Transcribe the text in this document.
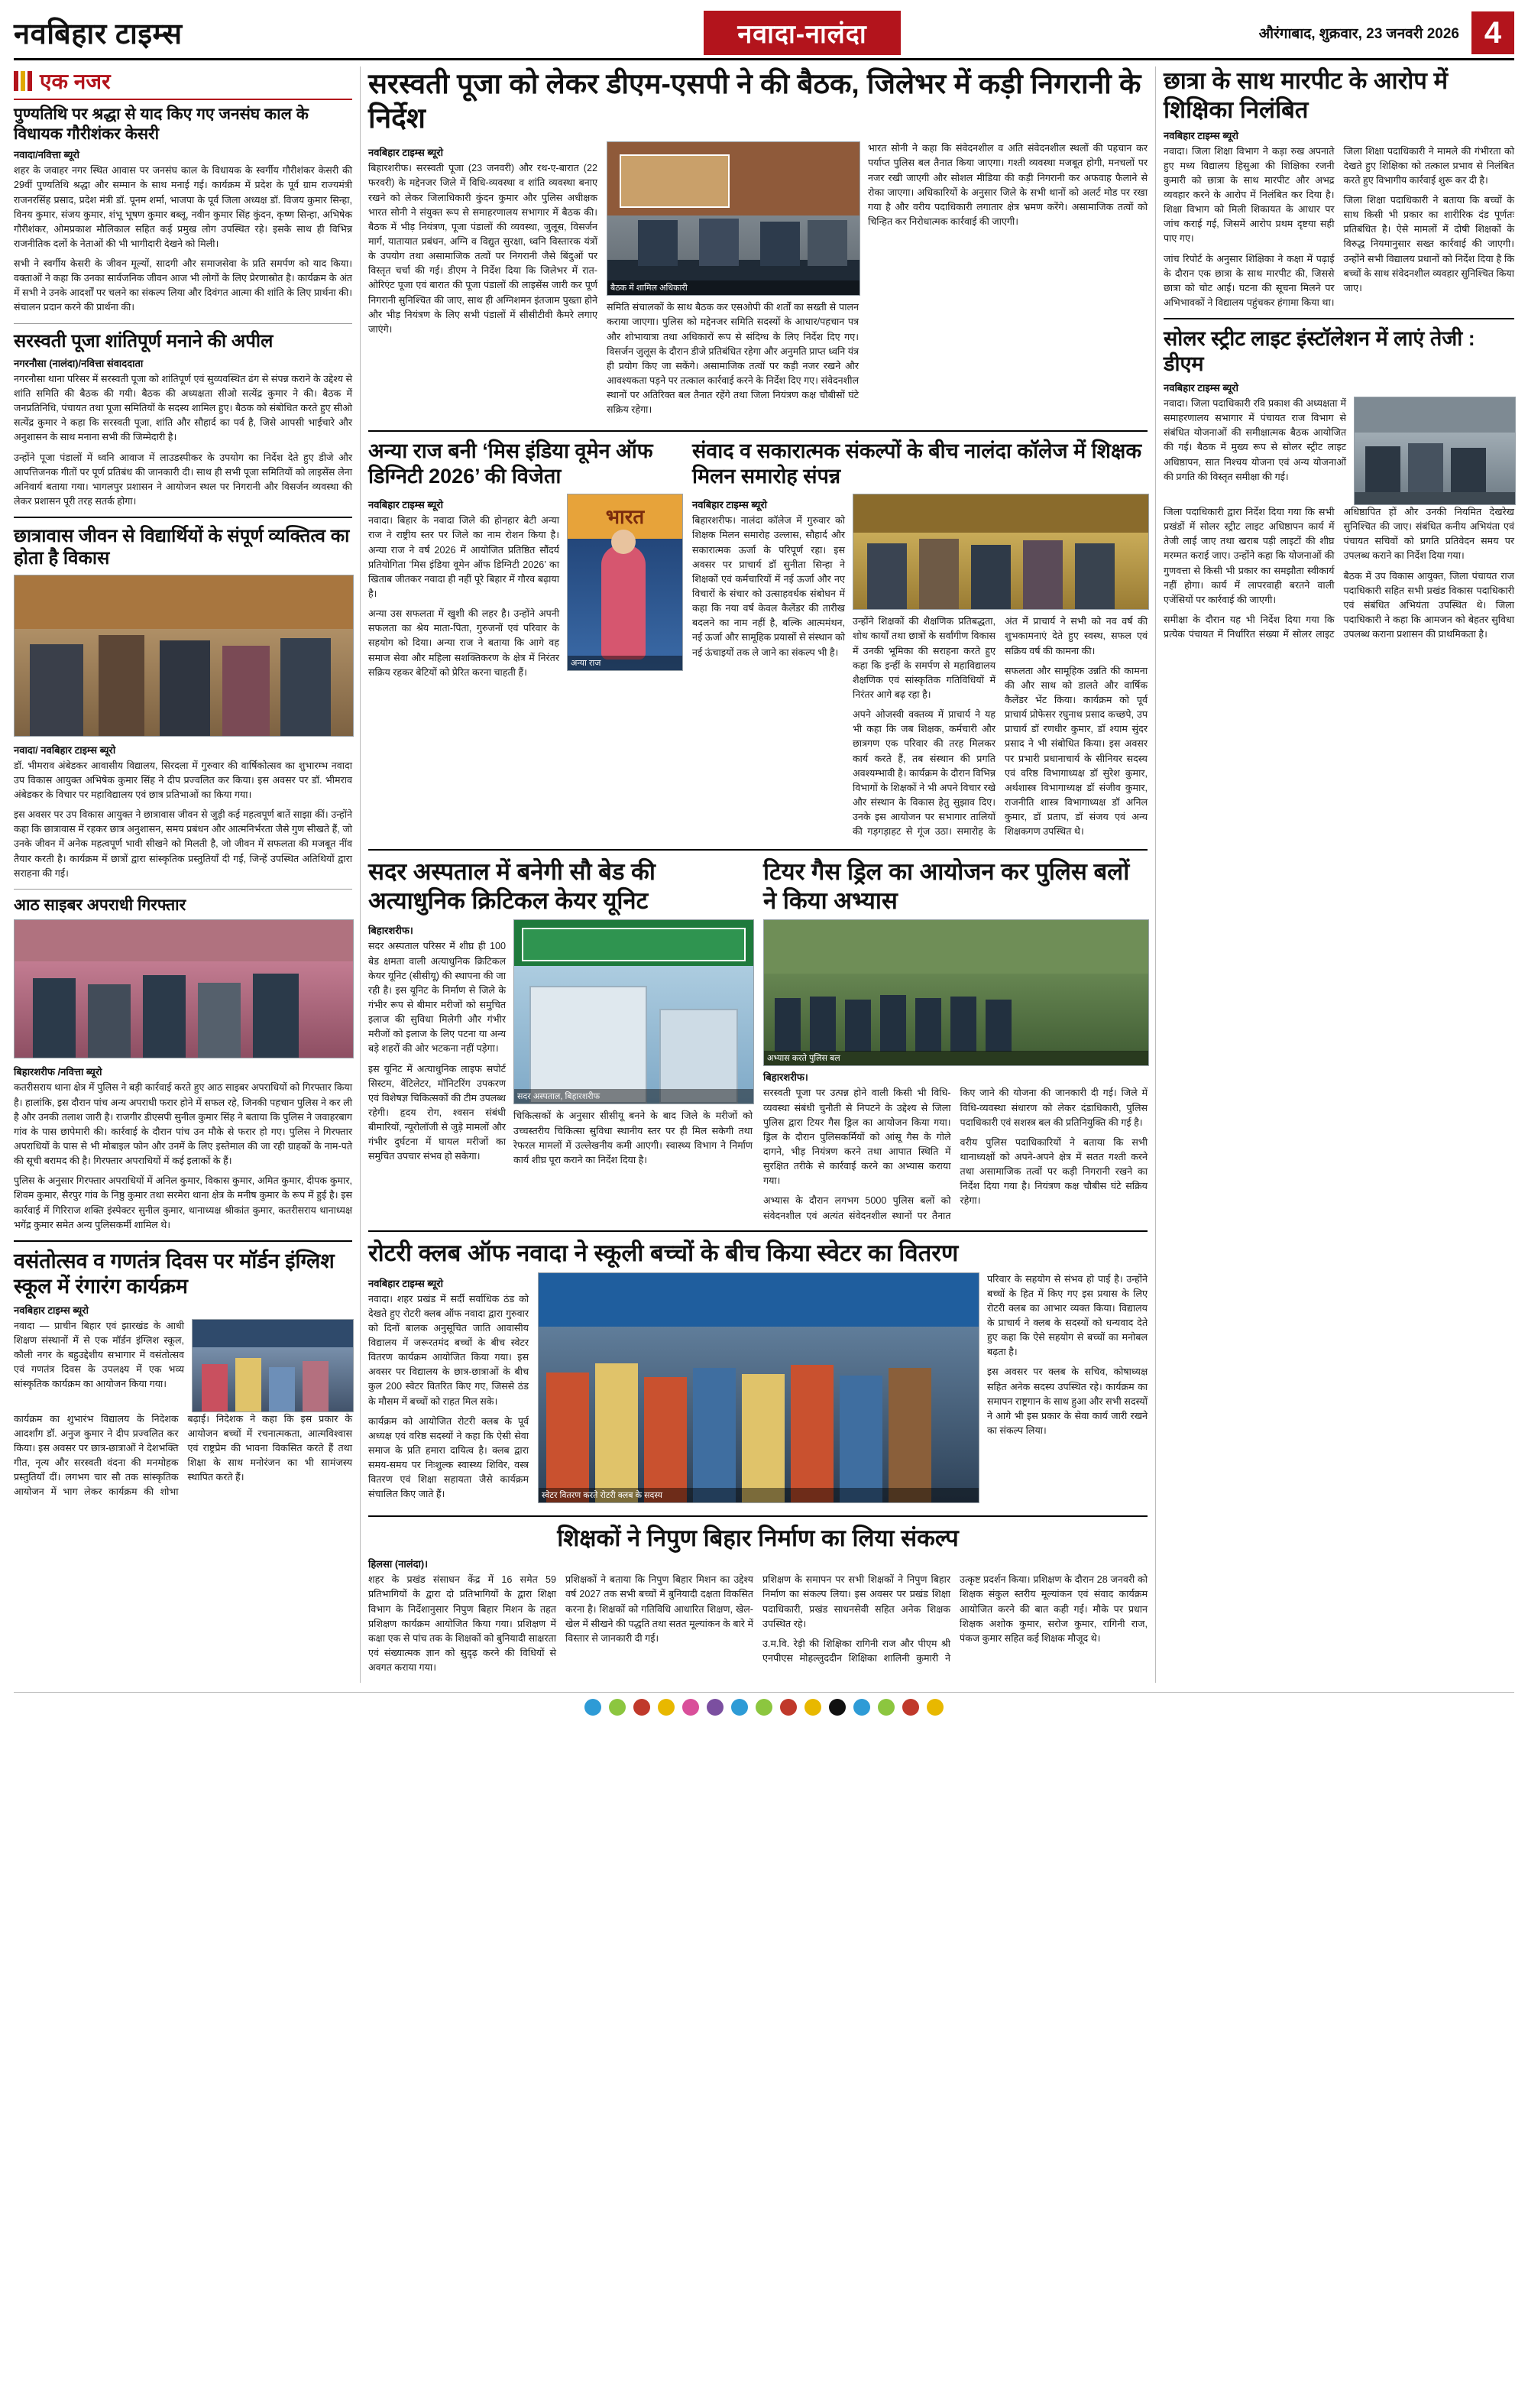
नवबिहार टाइम्स	नवादा-नालंदा	औरंगाबाद, शुक्रवार, 23 जनवरी 2026 4
एक नजर
पुण्यतिथि पर श्रद्धा से याद किए गए जनसंघ काल के विधायक गौरीशंकर केसरी
नवादा/नवित्ता ब्यूरो

शहर के जवाहर नगर स्थित आवास पर जनसंघ काल के विधायक के स्वर्गीय गौरीशंकर केसरी की 29वीं पुण्यतिथि श्रद्धा और सम्मान के साथ मनाई गई। कार्यक्रम में प्रदेश के पूर्व ग्राम राज्यमंत्री राजनरसिंह प्रसाद, प्रदेश मंत्री डॉ. पूनम शर्मा, भाजपा के पूर्व जिला अध्यक्ष डॉ. विजय कुमार सिन्हा, विनय कुमार, संजय कुमार, शंभू भूषण कुमार बब्लू, नवीन कुमार सिंह कुंदन, कृष्ण सिन्हा, अभिषेक गौरीशंकर, ओमप्रकाश मौलिकाल सहित कई प्रमुख लोग उपस्थित रहे। इसके साथ ही विभिन्न राजनीतिक दलों के नेताओं की भी भागीदारी देखने को मिली।

सभी ने स्वर्गीय केसरी के जीवन मूल्यों, सादगी और समाजसेवा के प्रति समर्पण को याद किया। वक्ताओं ने कहा कि उनका सार्वजनिक जीवन आज भी लोगों के लिए प्रेरणास्रोत है। कार्यक्रम के अंत में सभी ने उनके आदर्शों पर चलने का संकल्प लिया और दिवंगत आत्मा की शांति के लिए प्रार्थना की। संचालन प्रदान करने की प्रार्थना की।

सरस्वती पूजा शांतिपूर्ण मनाने की अपील
नगरनौसा (नालंदा)/नवित्ता संवाददाता

नगरनौसा थाना परिसर में सरस्वती पूजा को शांतिपूर्ण एवं सुव्यवस्थित ढंग से संपन्न कराने के उद्देश्य से शांति समिति की बैठक की गयी। बैठक की अध्यक्षता सीओ सत्येंद्र कुमार ने की। बैठक में जनप्रतिनिधि, पंचायत तथा पूजा समितियों के सदस्य शामिल हुए। बैठक को संबोधित करते हुए सीओ सत्येंद्र कुमार ने कहा कि सरस्वती पूजा, शांति और सौहार्द का पर्व है, जिसे आपसी भाईचारे और अनुशासन के साथ मनाना सभी की जिम्मेदारी है।

उन्होंने पूजा पंडालों में ध्वनि आवाज में लाउडस्पीकर के उपयोग का निर्देश देते हुए डीजे और आपत्तिजनक गीतों पर पूर्ण प्रतिबंध की जानकारी दी। साथ ही सभी पूजा समितियों को लाइसेंस लेना अनिवार्य बताया गया। भागलपुर प्रशासन ने आयोजन स्थल पर निगरानी और विसर्जन व्यवस्था की लेकर प्रशासन पूरी तरह सतर्क होगा।

छात्रावास जीवन से विद्यार्थियों के संपूर्ण व्यक्तित्व का होता है विकास
नवादा/ नवबिहार टाइम्स ब्यूरो

डॉ. भीमराव अंबेडकर आवासीय विद्यालय, सिरदला में गुरुवार की वार्षिकोत्सव का शुभारम्भ नवादा उप विकास आयुक्त अभिषेक कुमार सिंह ने दीप प्रज्वलित कर किया। इस अवसर पर डॉ. भीमराव अंबेडकर के विचार पर महाविद्यालय एवं छात्र प्रतिभाओं का किया गया।

इस अवसर पर उप विकास आयुक्त ने छात्रावास जीवन से जुड़ी कई महत्वपूर्ण बातें साझा कीं। उन्होंने कहा कि छात्रावास में रहकर छात्र अनुशासन, समय प्रबंधन और आत्मनिर्भरता जैसे गुण सीखते हैं, जो उनके जीवन में अनेक महत्वपूर्ण भावी सीखने को मिलती है, जो जीवन में सफलता की मजबूत नींव तैयार करती है। कार्यक्रम में छात्रों द्वारा सांस्कृतिक प्रस्तुतियाँ दी गईं, जिन्हें उपस्थित अतिथियों द्वारा सराहना की गई।

आठ साइबर अपराधी गिरफ्तार
बिहारशरीफ /नवित्ता ब्यूरो

कतरीसराय थाना क्षेत्र में पुलिस ने बड़ी कार्रवाई करते हुए आठ साइबर अपराधियों को गिरफ्तार किया है। हालांकि, इस दौरान पांच अन्य अपराधी फरार होने में सफल रहे, जिनकी पहचान पुलिस ने कर ली है और उनकी तलाश जारी है। राजगीर डीएसपी सुनील कुमार सिंह ने बताया कि पुलिस ने जवाहरबाग गांव के पास छापेमारी की। कार्रवाई के दौरान पांच उन मौके से फरार हो गए। पुलिस ने गिरफ्तार अपराधियों के पास से भी मोबाइल फोन और उनमें के लिए इस्तेमाल की जा रही ग्राहकों के नाम-पते की सूची बरामद की है। गिरफ्तार अपराधियों में कई इलाकों के हैं।

पुलिस के अनुसार गिरफ्तार अपराधियों में अनिल कुमार, विकास कुमार, अमित कुमार, दीपक कुमार, शिवम कुमार, सैरपुर गांव के निष्ठु कुमार तथा सरमेरा थाना क्षेत्र के मनीष कुमार के रूप में हुई है। इस कार्रवाई में गिरिराज शक्ति इंस्पेक्टर सुनील कुमार, थानाध्यक्ष श्रीकांत कुमार, कतरीसराय थानाध्यक्ष भगेंद्र कुमार समेत अन्य पुलिसकर्मी शामिल थे।

वसंतोत्सव व गणतंत्र दिवस पर मॉर्डन इंग्लिश स्कूल में रंगारंग कार्यक्रम
नवबिहार टाइम्स ब्यूरो

नवादा — प्राचीन बिहार एवं झारखंड के आधी शिक्षण संस्थानों में से एक मॉर्डन इंग्लिश स्कूल, कौली नगर के बहुउद्देशीय सभागार में वसंतोत्सव एवं गणतंत्र दिवस के उपलक्ष्य में एक भव्य सांस्कृतिक कार्यक्रम का आयोजन किया गया।

कार्यक्रम का शुभारंभ विद्यालय के निदेशक आदर्शांग डॉ. अनुज कुमार ने दीप प्रज्वलित कर किया। इस अवसर पर छात्र-छात्राओं ने देशभक्ति गीत, नृत्य और सरस्वती वंदना की मनमोहक प्रस्तुतियाँ दीं। लगभग चार सौ तक सांस्कृतिक आयोजन में भाग लेकर कार्यक्रम की शोभा बढ़ाई। निदेशक ने कहा कि इस प्रकार के आयोजन बच्चों में रचनात्मकता, आत्मविश्वास एवं राष्ट्रप्रेम की भावना विकसित करते हैं तथा शिक्षा के साथ मनोरंजन का भी सामंजस्य स्थापित करते हैं।

सरस्वती पूजा को लेकर डीएम-एसपी ने की बैठक, जिलेभर में कड़ी निगरानी के निर्देश
नवबिहार टाइम्स ब्यूरो

बिहारशरीफ। सरस्वती पूजा (23 जनवरी) और रथ-ए-बारात (22 फरवरी) के मद्देनजर जिले में विधि-व्यवस्था व शांति व्यवस्था बनाए रखने को लेकर जिलाधिकारी कुंदन कुमार और पुलिस अधीक्षक भारत सोनी ने संयुक्त रूप से समाहरणालय सभागार में बैठक की। बैठक में भीड़ नियंत्रण, पूजा पंडालों की व्यवस्था, जुलूस, विसर्जन मार्ग, यातायात प्रबंधन, अग्नि व विद्युत सुरक्षा, ध्वनि विस्तारक यंत्रों के उपयोग तथा असामाजिक तत्वों पर निगरानी जैसे बिंदुओं पर विस्तृत चर्चा की गई। डीएम ने निर्देश दिया कि जिलेभर में रात-ओरिएंट पूजा एवं बारात की पूजा पंडालों की लाइसेंस जारी कर पूर्ण निगरानी सुनिश्चित की जाए, साथ ही अग्निशमन इंतजाम पुख्ता होने और भीड़ नियंत्रण के लिए सभी पंडालों में सीसीटीवी कैमरे लगाए जाएंगे।

बैठक में शामिल अधिकारी

समिति संचालकों के साथ बैठक कर एसओपी की शर्तों का सख्ती से पालन कराया जाएगा। पुलिस को मद्देनजर समिति सदस्यों के आधार/पहचान पत्र और शोभायात्रा तथा अधिकारों रूप से संदिग्ध के लिए निर्देश दिए गए। विसर्जन जुलूस के दौरान डीजे प्रतिबंधित रहेगा और अनुमति प्राप्त ध्वनि यंत्र ही प्रयोग किए जा सकेंगे। असामाजिक तत्वों पर कड़ी नजर रखने और आवश्यकता पड़ने पर तत्काल कार्रवाई करने के निर्देश दिए गए। संवेदनशील स्थानों पर अतिरिक्त बल तैनात रहेंगे तथा जिला नियंत्रण कक्ष चौबीसों घंटे सक्रिय रहेगा।

भारत सोनी ने कहा कि संवेदनशील व अति संवेदनशील स्थलों की पहचान कर पर्याप्त पुलिस बल तैनात किया जाएगा। गश्ती व्यवस्था मजबूत होगी, मनचलों पर नजर रखी जाएगी और सोशल मीडिया की कड़ी निगरानी कर अफवाह फैलाने से रोका जाएगा। अधिकारियों के अनुसार जिले के सभी थानों को अलर्ट मोड पर रखा गया है और वरीय पदाधिकारी लगातार क्षेत्र भ्रमण करेंगे। असामाजिक तत्वों को चिन्हित कर निरोधात्मक कार्रवाई की जाएगी।

अन्या राज बनी ‘मिस इंडिया वूमेन ऑफ डिग्निटी 2026’ की विजेता
नवबिहार टाइम्स ब्यूरो

नवादा। बिहार के नवादा जिले की होनहार बेटी अन्या राज ने राष्ट्रीय स्तर पर जिले का नाम रोशन किया है। अन्या राज ने वर्ष 2026 में आयोजित प्रतिष्ठित सौंदर्य प्रतियोगिता ‘मिस इंडिया वूमेन ऑफ डिग्निटी 2026’ का खिताब जीतकर नवादा ही नहीं पूरे बिहार में गौरव बढ़ाया है।

अन्या उस सफलता में खुशी की लहर है। उन्होंने अपनी सफलता का श्रेय माता-पिता, गुरुजनों एवं परिवार के सहयोग को दिया। अन्या राज ने बताया कि आगे वह समाज सेवा और महिला सशक्तिकरण के क्षेत्र में निरंतर सक्रिय रहकर बेटियों को प्रेरित करना चाहती हैं।

भारत
अन्या राज
संवाद व सकारात्मक संकल्पों के बीच नालंदा कॉलेज में शिक्षक मिलन समारोह संपन्न
नवबिहार टाइम्स ब्यूरो

बिहारशरीफ। नालंदा कॉलेज में गुरुवार को शिक्षक मिलन समारोह उल्लास, सौहार्द और सकारात्मक ऊर्जा के परिपूर्ण रहा। इस अवसर पर प्राचार्य डॉ सुनीता सिन्हा ने शिक्षकों एवं कर्मचारियों में नई ऊर्जा और नए विचारों के संचार को उत्साहवर्धक संबोधन में कहा कि नया वर्ष केवल कैलेंडर की तारीख बदलने का नाम नहीं है, बल्कि आत्ममंथन, नई ऊर्जा और सामूहिक प्रयासों से संस्थान को नई ऊंचाइयों तक ले जाने का संकल्प भी है।

उन्होंने शिक्षकों की शैक्षणिक प्रतिबद्धता, शोध कार्यों तथा छात्रों के सर्वांगीण विकास में उनकी भूमिका की सराहना करते हुए कहा कि इन्हीं के समर्पण से महाविद्यालय शैक्षणिक एवं सांस्कृतिक गतिविधियों में निरंतर आगे बढ़ रहा है।

अपने ओजस्वी वक्तव्य में प्राचार्य ने यह भी कहा कि जब शिक्षक, कर्मचारी और छात्रगण एक परिवार की तरह मिलकर कार्य करते हैं, तब संस्थान की प्रगति अवश्यम्भावी है। कार्यक्रम के दौरान विभिन्न विभागों के शिक्षकों ने भी अपने विचार रखे और संस्थान के विकास हेतु सुझाव दिए। उनके इस आयोजन पर सभागार तालियों की गड़गड़ाहट से गूंज उठा। समारोह के अंत में प्राचार्य ने सभी को नव वर्ष की शुभकामनाएं देते हुए स्वस्थ, सफल एवं सक्रिय वर्ष की कामना की।

सफलता और सामूहिक उन्नति की कामना की और साथ को डालते और वार्षिक कैलेंडर भेंट किया। कार्यक्रम को पूर्व प्राचार्य प्रोफेसर रघुनाथ प्रसाद कच्छपे, उप प्राचार्य डॉ रणधीर कुमार, डॉ श्याम सुंदर प्रसाद ने भी संबोधित किया। इस अवसर पर प्रभारी प्रधानाचार्य के सीनियर सदस्य एवं वरिष्ठ विभागाध्यक्ष डॉ सुरेश कुमार, अर्थशास्त्र विभागाध्यक्ष डॉ संजीव कुमार, राजनीति शास्त्र विभागाध्यक्ष डॉ अनिल कुमार, डॉ प्रताप, डॉ संजय एवं अन्य शिक्षकगण उपस्थित थे।

सदर अस्पताल में बनेगी सौ बेड की अत्याधुनिक क्रिटिकल केयर यूनिट
बिहारशरीफ।

सदर अस्पताल परिसर में शीघ्र ही 100 बेड क्षमता वाली अत्याधुनिक क्रिटिकल केयर यूनिट (सीसीयू) की स्थापना की जा रही है। इस यूनिट के निर्माण से जिले के गंभीर रूप से बीमार मरीजों को समुचित इलाज की सुविधा मिलेगी और गंभीर मरीजों को इलाज के लिए पटना या अन्य बड़े शहरों की ओर भटकना नहीं पड़ेगा।

इस यूनिट में अत्याधुनिक लाइफ सपोर्ट सिस्टम, वेंटिलेटर, मॉनिटरिंग उपकरण एवं विशेषज्ञ चिकित्सकों की टीम उपलब्ध रहेगी। हृदय रोग, श्वसन संबंधी बीमारियों, न्यूरोलॉजी से जुड़े मामलों और गंभीर दुर्घटना में घायल मरीजों का समुचित उपचार संभव हो सकेगा।

सदर अस्पताल, बिहारशरीफ

चिकित्सकों के अनुसार सीसीयू बनने के बाद जिले के मरीजों को उच्चस्तरीय चिकित्सा सुविधा स्थानीय स्तर पर ही मिल सकेगी तथा रेफरल मामलों में उल्लेखनीय कमी आएगी। स्वास्थ्य विभाग ने निर्माण कार्य शीघ्र पूरा कराने का निर्देश दिया है।

टियर गैस ड्रिल का आयोजन कर पुलिस बलों ने किया अभ्यास
अभ्यास करते पुलिस बल
बिहारशरीफ।

सरस्वती पूजा पर उत्पन्न होने वाली किसी भी विधि-व्यवस्था संबंधी चुनौती से निपटने के उद्देश्य से जिला पुलिस द्वारा टियर गैस ड्रिल का आयोजन किया गया। ड्रिल के दौरान पुलिसकर्मियों को आंसू गैस के गोले दागने, भीड़ नियंत्रण करने तथा आपात स्थिति में सुरक्षित तरीके से कार्रवाई करने का अभ्यास कराया गया।

अभ्यास के दौरान लगभग 5000 पुलिस बलों को संवेदनशील एवं अत्यंत संवेदनशील स्थानों पर तैनात किए जाने की योजना की जानकारी दी गई। जिले में विधि-व्यवस्था संधारण को लेकर दंडाधिकारी, पुलिस पदाधिकारी एवं सशस्त्र बल की प्रतिनियुक्ति की गई है।

वरीय पुलिस पदाधिकारियों ने बताया कि सभी थानाध्यक्षों को अपने-अपने क्षेत्र में सतत गश्ती करने तथा असामाजिक तत्वों पर कड़ी निगरानी रखने का निर्देश दिया गया है। नियंत्रण कक्ष चौबीस घंटे सक्रिय रहेगा।

रोटरी क्लब ऑफ नवादा ने स्कूली बच्चों के बीच किया स्वेटर का वितरण
नवबिहार टाइम्स ब्यूरो

नवादा। शहर प्रखंड में सर्दी सर्वाधिक ठंड को देखते हुए रोटरी क्लब ऑफ नवादा द्वारा गुरुवार को दिनों बालक अनुसूचित जाति आवासीय विद्यालय में जरूरतमंद बच्चों के बीच स्वेटर वितरण कार्यक्रम आयोजित किया गया। इस अवसर पर विद्यालय के छात्र-छात्राओं के बीच कुल 200 स्वेटर वितरित किए गए, जिससे ठंड के मौसम में बच्चों को राहत मिल सके।

कार्यक्रम को आयोजित रोटरी क्लब के पूर्व अध्यक्ष एवं वरिष्ठ सदस्यों ने कहा कि ऐसी सेवा समाज के प्रति हमारा दायित्व है। क्लब द्वारा समय-समय पर निःशुल्क स्वास्थ्य शिविर, वस्त्र वितरण एवं शिक्षा सहायता जैसे कार्यक्रम संचालित किए जाते हैं।	स्वेटर वितरण करते रोटरी क्लब के सदस्य

परिवार के सहयोग से संभव हो पाई है। उन्होंने बच्चों के हित में किए गए इस प्रयास के लिए रोटरी क्लब का आभार व्यक्त किया। विद्यालय के प्राचार्य ने क्लब के सदस्यों को धन्यवाद देते हुए कहा कि ऐसे सहयोग से बच्चों का मनोबल बढ़ता है।

इस अवसर पर क्लब के सचिव, कोषाध्यक्ष सहित अनेक सदस्य उपस्थित रहे। कार्यक्रम का समापन राष्ट्रगान के साथ हुआ और सभी सदस्यों ने आगे भी इस प्रकार के सेवा कार्य जारी रखने का संकल्प लिया।

शिक्षकों ने निपुण बिहार निर्माण का लिया संकल्प
हिलसा (नालंदा)।

शहर के प्रखंड संसाधन केंद्र में 16 समेत 59 प्रतिभागियों के द्वारा दो प्रतिभागियों के द्वारा शिक्षा विभाग के निर्देशानुसार निपुण बिहार मिशन के तहत प्रशिक्षण कार्यक्रम आयोजित किया गया। प्रशिक्षण में कक्षा एक से पांच तक के शिक्षकों को बुनियादी साक्षरता एवं संख्यात्मक ज्ञान को सुदृढ़ करने की विधियों से अवगत कराया गया।

प्रशिक्षकों ने बताया कि निपुण बिहार मिशन का उद्देश्य वर्ष 2027 तक सभी बच्चों में बुनियादी दक्षता विकसित करना है। शिक्षकों को गतिविधि आधारित शिक्षण, खेल-खेल में सीखने की पद्धति तथा सतत मूल्यांकन के बारे में विस्तार से जानकारी दी गई।

प्रशिक्षण के समापन पर सभी शिक्षकों ने निपुण बिहार निर्माण का संकल्प लिया। इस अवसर पर प्रखंड शिक्षा पदाधिकारी, प्रखंड साधनसेवी सहित अनेक शिक्षक उपस्थित रहे।

उ.म.वि. रेड़ी की शिक्षिका रागिनी राज और पीएम श्री एनपीएस मोहल्लुददीन शिक्षिका शालिनी कुमारी ने उत्कृष्ट प्रदर्शन किया। प्रशिक्षण के दौरान 28 जनवरी को शिक्षक संकुल स्तरीय मूल्यांकन एवं संवाद कार्यक्रम आयोजित करने की बात कही गई। मौके पर प्रधान शिक्षक अशोक कुमार, सरोज कुमार, रागिनी राज, पंकज कुमार सहित कई शिक्षक मौजूद थे।

छात्रा के साथ मारपीट के आरोप में शिक्षिका निलंबित
नवबिहार टाइम्स ब्यूरो

नवादा। जिला शिक्षा विभाग ने कड़ा रुख अपनाते हुए मध्य विद्यालय हिसुआ की शिक्षिका रजनी कुमारी को छात्रा के साथ मारपीट और अभद्र व्यवहार करने के आरोप में निलंबित कर दिया है। शिक्षा विभाग को मिली शिकायत के आधार पर जांच कराई गई, जिसमें आरोप प्रथम दृष्टया सही पाए गए।

जांच रिपोर्ट के अनुसार शिक्षिका ने कक्षा में पढ़ाई के दौरान एक छात्रा के साथ मारपीट की, जिससे छात्रा को चोट आई। घटना की सूचना मिलने पर अभिभावकों ने विद्यालय पहुंचकर हंगामा किया था। जिला शिक्षा पदाधिकारी ने मामले की गंभीरता को देखते हुए शिक्षिका को तत्काल प्रभाव से निलंबित करते हुए विभागीय कार्रवाई शुरू कर दी है।

जिला शिक्षा पदाधिकारी ने बताया कि बच्चों के साथ किसी भी प्रकार का शारीरिक दंड पूर्णतः प्रतिबंधित है। ऐसे मामलों में दोषी शिक्षकों के विरुद्ध नियमानुसार सख्त कार्रवाई की जाएगी। उन्होंने सभी विद्यालय प्रधानों को निर्देश दिया है कि बच्चों के साथ संवेदनशील व्यवहार सुनिश्चित किया जाए।

सोलर स्ट्रीट लाइट इंस्टॉलेशन में लाएं तेजी : डीएम
नवबिहार टाइम्स ब्यूरो

नवादा। जिला पदाधिकारी रवि प्रकाश की अध्यक्षता में समाहरणालय सभागार में पंचायत राज विभाग से संबंधित योजनाओं की समीक्षात्मक बैठक आयोजित की गई। बैठक में मुख्य रूप से सोलर स्ट्रीट लाइट अधिष्ठापन, सात निश्चय योजना एवं अन्य योजनाओं की प्रगति की विस्तृत समीक्षा की गई।

जिला पदाधिकारी द्वारा निर्देश दिया गया कि सभी प्रखंडों में सोलर स्ट्रीट लाइट अधिष्ठापन कार्य में तेजी लाई जाए तथा खराब पड़ी लाइटों की शीघ्र मरम्मत कराई जाए। उन्होंने कहा कि योजनाओं की गुणवत्ता से किसी भी प्रकार का समझौता स्वीकार्य नहीं होगा। कार्य में लापरवाही बरतने वाली एजेंसियों पर कार्रवाई की जाएगी।

समीक्षा के दौरान यह भी निर्देश दिया गया कि प्रत्येक पंचायत में निर्धारित संख्या में सोलर लाइट अधिष्ठापित हों और उनकी नियमित देखरेख सुनिश्चित की जाए। संबंधित कनीय अभियंता एवं पंचायत सचिवों को प्रगति प्रतिवेदन समय पर उपलब्ध कराने का निर्देश दिया गया।

बैठक में उप विकास आयुक्त, जिला पंचायत राज पदाधिकारी सहित सभी प्रखंड विकास पदाधिकारी एवं संबंधित अभियंता उपस्थित थे। जिला पदाधिकारी ने कहा कि आमजन को बेहतर सुविधा उपलब्ध कराना प्रशासन की प्राथमिकता है।
